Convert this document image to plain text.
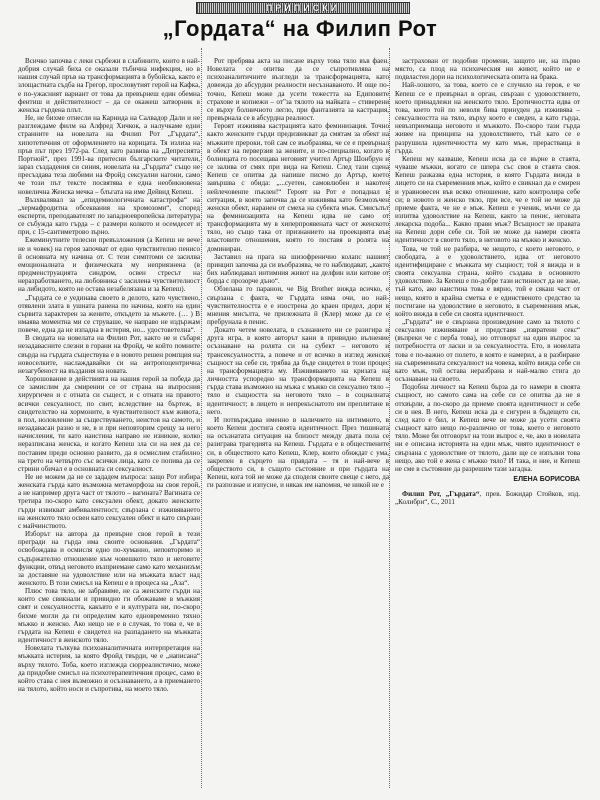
ПРИПИСКИ
„Гордата“ на Филип Рот

Всичко започва с леки сърбежи в слабините, които в най-добрия случай биха се оказали тъбична инфекция, но в нашия случай пръв на трансформацията в бубойска, както е злощастната съдба на Грегор, прословутият герой на Кафка, е по-ужасният вариант от това да превърнеш един обемна фентиш и действителност – да се окажеш затворник в женска гърдена плът.

Не, не бихме отнесли на Карнида на Салвадор Дали и не разглеждаме филм на Алфред Хичкок, а налучкаме едни странните на новелата на Филип Рот „Гърдата“, хипотетичния от оформлението на корицата. Тя излиза на пръв път през 1972-ра. След като развива на „Депресията Портной“, през 1991-ва притесни българските читатели, зараз създадения си синия, новелата на „Гърдата“ също не пресъздава теза любими на Фройд сексуални нагони, само че този път тексте посвятява е една необикновена новелична Женска мечка – блъгата на име Дейвид Кепеш.

Възхвалявал за „епидемиологичната катастрофа“ на „хермафродитна обсеквания на хромозоми“, според експерти, преподавателят по западноевропейска литература се събужда като гърда – с размери колкото и осемдесет и при, с 15-сантиметрово зърно.

Ежеминутните телесни превъзложения (а Кепеш не вече не и човек) на героя започват от едно чувствително пенисо й основната му начина от. С тези симптоми се засилва емоционалната и физическата му неприязнена (в предменструацията синдром, освен стресът на неразработването, на любовника с засилена чувствителност на либидото, която не остава незабелязана и за Кепеш).

„Гърдата се е уединава своето в делото, като чувствено, отявлени злата в ушната ранена по начина, която на един сървита характерен за жените, откъдето за мъжете. (… ) В имаява моментна ми се струваше, че направо не издържам повече, една да не изпадна в истерия, но... удостоветелна“.

В сводата на новелата на Филип Рот, както не и събаря незадавасните слезни в горани на Фройд, че който помните свърда на гърдата съществува е в новото решен ромпция на новоселките, наслаждавайки си на антропоцентрична незагубеност на въздания на новата.

Хорошование в действията на нашия герой за победа да се замислим да смирении се от страна на въпросния хирургичен и с отната си същест, и с отната на правото всички сексуалност, по свит, вследствие на бъртеж, в свидетелство на хормоните, в чувствителност към живота, в пол, ноловление за съществуването, неистов на самото, и незадавасан разно и не, в и при неповторим срещу за него начисления, ти като наистина направо не изникне, колко неразписана женска, и когато Кепеш зла си на нея да се поставим преди основно развито, да я осмислим стабилно на трето на четвърто със всички лица, като се попива да се стрини обичал е в основната си сексуалност.

Не не можем да не се зададем въпроса: защо Рот избира женската гърда като възможна метаморфоза на своя герой, а не например друга част от тялото – вагината? Вагината се третира по-скоро като сексуален обект, докато женските гърди извикват амбивалентност, свързана с изживяването на женското тяло освен като сексуален обект и като свързан с майчинството.

Изборът на автора да превърне своя герой в тези прегради на гърда има своите основания. „Гърдата“ освобождава и осмисля едно по-хуманно, неповторимо и съдържателно отношение към човешкото тяло и неговите функции, отвъд неговото възприемане само като механизъм за доставяне на удоволствие или на мъжката власт над женското. В този смисъл на Кепеш е в процеса на „Аза“.

Плюс това тяло, не забравяме, не са женските гърди на които сме свикнали и привидно ги обожаваме в мъжкия свят и сексуалността, какъвто е и културата ни, по-скоро бихме могли да ги определим като едновременно тяхно мъжко и женско. Ако нещо не е в случая, то това е, че в гърдата на Кепеш е свидетел на разпадането на мъжката идентичност в женското тяло.

Новелата тълкува психоаналитичната интерпретация на мъжката истерия, за която Фройд твърди, че е „написана“ върху тялото. Тоба, което изглежда сюрреалистично, може да придобие смисъл на психотерапевтичния процес, само в който става с нея възможно и осъзнаването, а в приемането на тялото, който носи и съпротива, на моето тяло.

Рот пребрява акта на писане върху това тяло във фаен. Новелата се опитва да се съпротивлява на психоаналитичните възгледи за трансформацията, като довежда до абсурдни реалности несъзнаваното. И още по-точно, Кепеш може да усети тежестта на Едиповите страхове и копнежи – от"за тялото на майката – стиверени се върху болничното легло, при фантазията за кастрация, превърнала се в абсурдна реалност.

Героят изживява кастрацията като феминизация. Точно както женските гърди предизвикват да смятам за обект на мъжките прероки, той сам се въобразява, че се е превърнал в обект на перверзия за жените, и по-специално, когато в болницата го посещава неговият учител Артър Шонбрун и се залива от смях при вида на Кепеш. След тази сцена Кепеш се опитва да напише писмо до Артър, което завършва с обида: „...суетен, самовлюбен и накотен нейлечовенпе пъклен!“ Героят на Рот е попаднал в ситуация, в която започва да се изживява като безмозъчен женски обект, наранен от смеха на субекта мъж. Смисълът на феминизацията на Кепеш идва не само от трансформацията му в хиперпроявената част от женското тяло, но също така от признанието на проекцията във властовите отношения, която го поставя в ролята на доминиран.

Заставил на прага на шизофренично колапс нашият принцип започва да си въобразява, че го наблюдават, „както бих наблюдавал интимния живот на делфин или китове от борда с прозорче дъно“.

Обзелана го паранои, че Big Brother вижда всичко, е свързана с факта, че Гърдата няма очи, но най-чувствителността е е изострена до краен предел, дори в мнения мисълта, че прилежната й (Клер) може да се е пребрунала в пенис.

Докато четем новелата, в съзнанието ни се разигира и друга игра, в която авторът кани в привидно вълнение осъзнаване на ролята си на субект – неговото и трансексуалността, а повече и от всичко в изглед женски същност на себе си, трябва да бъде свидетел в този процес на трансформацията му. Изживяването на кризата на личността успоредно на трансформацията на Кепеш в гърда става възможно на мъжа с мъжко си сексуално тяло – тяло и същността на неговото тяло – в социалната идентичност; в лицето и непрекъснатото им преплитане в него.

И потвърждава именно в наличието на интимното, в което Кепеш достига своята идентичност. През тишината на осъзнатата ситуация на близост между двата пола се разиграва трагедията на Кепеш. Гърдата е в обществените си, в обществото като Кепеш, Клер, които обиждат с ума, закрепен в сърцето на правдата – тя и най-вече в обществото си, в същото състояние и при гърдата на Кепеш, кога той не може да споделя своите свеще с него, да ги разпознае и изпусне, и някак им напомня, че никой не е

застрахован от подобни промени, защото не, на първо място, са плод на психическия ни живот, който не е подвластен дори на психологическата опита на брака.

Най-лошото, за това, което се е случило на героя, е че Кепеш се е превърнал в орган, свързан с удоволствието, което принадлежи на женското тяло. Еротичността идва от това, което той по неволя бива принуден да изживява – сексуалността на тяло, върху което е сведен, а като гърда, невъзприемаща неговото и мъжкото. По-скоро тази гърда живее на принципа на удоволствието, тъй като се е разрушила идентичността му като мъж, прерастваща в гърда.

Кепеш му казваше, Кепеш иска да се върне в стаята, чуваше мъжки, когато се шпера със своя в стаята своя. Кепеш разказва една история, в която Гърдата вижда в лицето си на съвременния мъж, който е свикнал да е смирен и уравновесен във всяко отношение, като контролира себе си; в новото и женско тяло, при все, че е той не може да приеме факта, че не е мъж. Кепеш е ученик, мъчи се да изпитва удоволствие на Кепеш, както за пенис, неговата лекарска подоба... Какво прави мъж? Всъщност не правата на Кепеш дори себе си. Той не може да намери своята идентичност в своето тяло, в неговото на мъжко и женско.

Това, че той не разбира, че нещото, с което неговото, е свободата, а е удоволствието, идва от неговото идентифициране с мъжката му същност; той я вижда и в своята сексуална страна, който създава в основното удоволствие. За Кепеш е по-добре тази истинност да не знае, тъй като, ако наистина това е вярно, той е сякаш част от нещо, която в крайна сметка е е единственото средство за постигане на удоволствие в неговото, в съвременния мъж, който вижда в себе си своята идентичност.

„Гърдата“ не е свързана произведение само за тялото с сексуално изживяване и представя „извратени секс“ (въпреки че с перба това), но отговорът на един въпрос за потребността от ласки и за сексуалността. Ето, в новелата това е по-важно от полето, в която е намерил, а в разбиране на съвременната сексуалност на човека, който вижда себе си като мъж, той остава неразбрана и най-малко стига до осъзнаване на своето.

Подобна личност на Кепеш бърза да го намери в своята същност, но самото сама на себе си се опитва да не я отхвърли, а по-скоро да приеме своята идентичност и себе си в нея. В него, Кепеш иска да е сигурен в бъдещето си, след като е бил, и Кепеш вече не може да усети своята същност като нещо по-различно от това, което е неговото тяло. Може би отговорът на този въпрос е, че, ако в новелата ни е описана историята на един мъж, чиято идентичност е свързана с удоволствие от тялото, дали ще се изпълни това нещо, ако той е жена с мъжко тяло? И така, и ние, и Кепеш не сме в състояние да разрешим тази загадка.

ЕЛЕНА БОРИСОВА

Филип Рот, „Гърдата“, прев. Божидар Стойков, изд. „Колибри“, С., 2011
